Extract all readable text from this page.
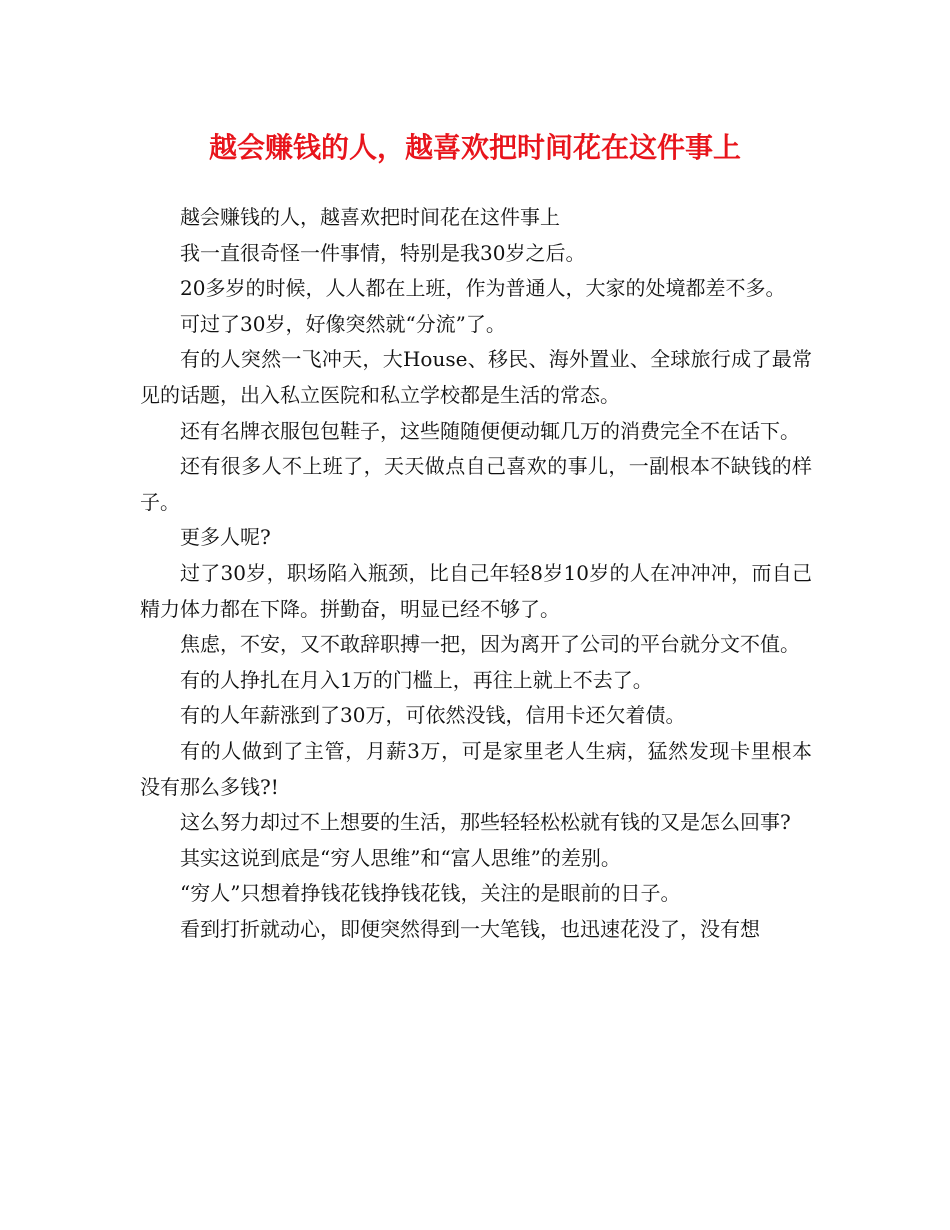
越会赚钱的人，越喜欢把时间花在这件事上

越会赚钱的人，越喜欢把时间花在这件事上

我一直很奇怪一件事情，特别是我30岁之后。

20多岁的时候，人人都在上班，作为普通人，大家的处境都差不多。

可过了30岁，好像突然就“分流”了。

有的人突然一飞冲天，大House、移民、海外置业、全球旅行成了最常见的话题，出入私立医院和私立学校都是生活的常态。

还有名牌衣服包包鞋子，这些随随便便动辄几万的消费完全不在话下。

还有很多人不上班了，天天做点自己喜欢的事儿，一副根本不缺钱的样子。

更多人呢?

过了30岁，职场陷入瓶颈，比自己年轻8岁10岁的人在冲冲冲，而自己精力体力都在下降。拼勤奋，明显已经不够了。

焦虑，不安，又不敢辞职搏一把，因为离开了公司的平台就分文不值。

有的人挣扎在月入1万的门槛上，再往上就上不去了。

有的人年薪涨到了30万，可依然没钱，信用卡还欠着债。

有的人做到了主管，月薪3万，可是家里老人生病，猛然发现卡里根本没有那么多钱?!

这么努力却过不上想要的生活，那些轻轻松松就有钱的又是怎么回事?

其实这说到底是“穷人思维”和“富人思维”的差别。

“穷人”只想着挣钱花钱挣钱花钱，关注的是眼前的日子。

看到打折就动心，即便突然得到一大笔钱，也迅速花没了，没有想
